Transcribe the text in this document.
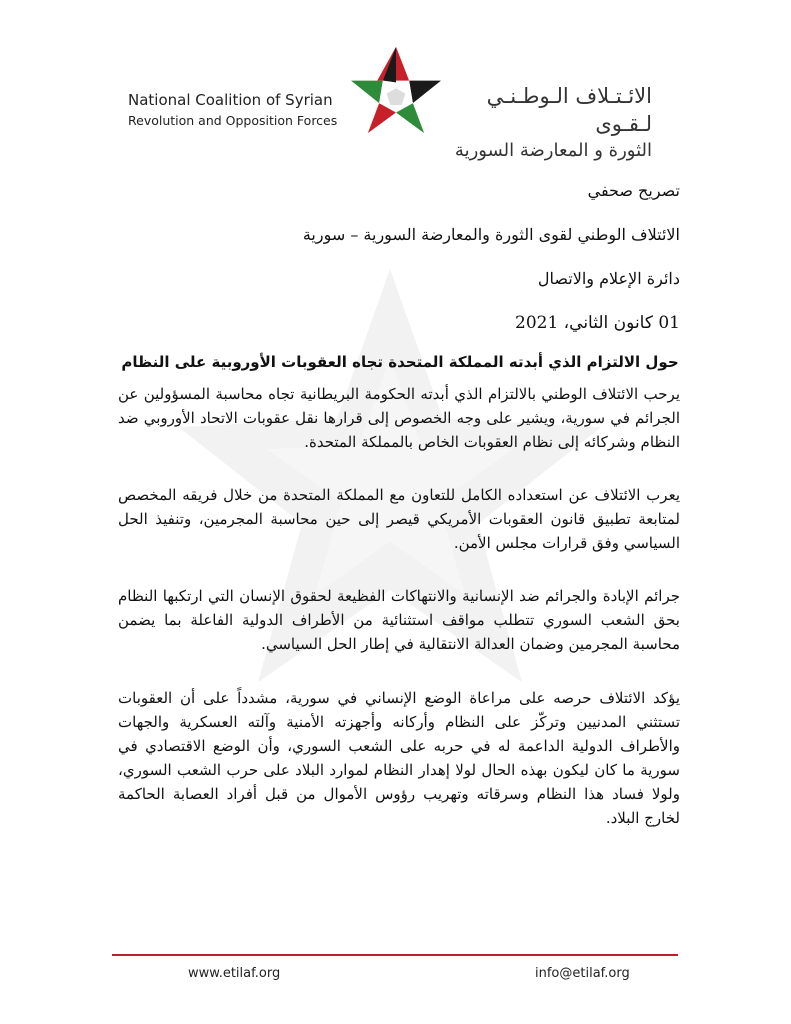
National Coalition of Syrian
Revolution and Opposition Forces
الائـتـلاف الـوطـنـي لـقـوى
الثورة و المعارضة السورية
تصريح صحفي
الائتلاف الوطني لقوى الثورة والمعارضة السورية – سورية
دائرة الإعلام والاتصال
01 كانون الثاني، 2021
حول الالتزام الذي أبدته المملكة المتحدة تجاه العقوبات الأوروبية على النظام

يرحب الائتلاف الوطني بالالتزام الذي أبدته الحكومة البريطانية تجاه محاسبة المسؤولين عن الجرائم في سورية، ويشير على وجه الخصوص إلى قرارها نقل عقوبات الاتحاد الأوروبي ضد النظام وشركائه إلى نظام العقوبات الخاص بالمملكة المتحدة.

يعرب الائتلاف عن استعداده الكامل للتعاون مع المملكة المتحدة من خلال فريقه المخصص لمتابعة تطبيق قانون العقوبات الأمريكي قيصر إلى حين محاسبة المجرمين، وتنفيذ الحل السياسي وفق قرارات مجلس الأمن.

جرائم الإبادة والجرائم ضد الإنسانية والانتهاكات الفظيعة لحقوق الإنسان التي ارتكبها النظام بحق الشعب السوري تتطلب مواقف استثنائية من الأطراف الدولية الفاعلة بما يضمن محاسبة المجرمين وضمان العدالة الانتقالية في إطار الحل السياسي.

يؤكد الائتلاف حرصه على مراعاة الوضع الإنساني في سورية، مشدداً على أن العقوبات تستثني المدنيين وتركّز على النظام وأركانه وأجهزته الأمنية وآلته العسكرية والجهات والأطراف الدولية الداعمة له في حربه على الشعب السوري، وأن الوضع الاقتصادي في سورية ما كان ليكون بهذه الحال لولا إهدار النظام لموارد البلاد على حرب الشعب السوري، ولولا فساد هذا النظام وسرقاته وتهريب رؤوس الأموال من قبل أفراد العصابة الحاكمة لخارج البلاد.

www.etilaf.org	info@etilaf.org
